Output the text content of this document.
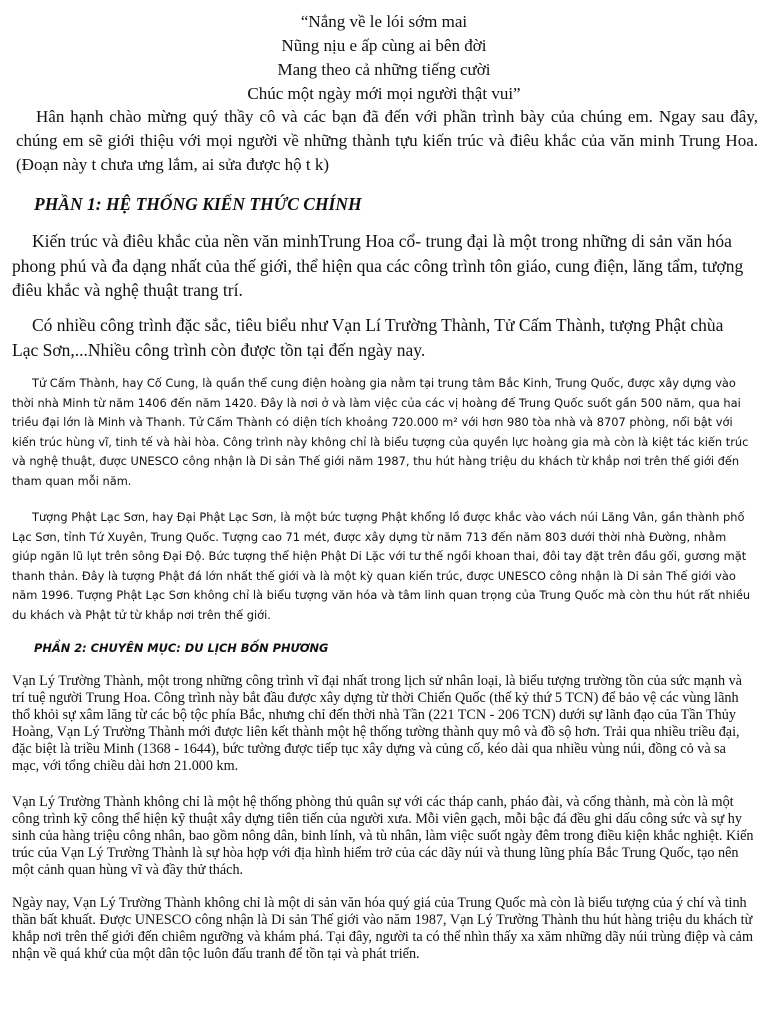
“Nắng về le lói sớm mai
Nũng nịu e ấp cùng ai bên đời
Mang theo cả những tiếng cười
Chúc một ngày mới mọi người thật vui”

Hân hạnh chào mừng quý thầy cô và các bạn đã đến với phần trình bày của chúng em. Ngay sau đây, chúng em sẽ giới thiệu với mọi người về những thành tựu kiến trúc và điêu khắc của văn minh Trung Hoa. (Đoạn này t chưa ưng lắm, ai sửa được hộ t k)

PHẦN 1: HỆ THỐNG KIẾN THỨC CHÍNH

Kiến trúc và điêu khắc của nền văn minhTrung Hoa cổ- trung đại là một trong những di sản văn hóa phong phú và đa dạng nhất của thế giới, thể hiện qua các công trình tôn giáo, cung điện, lăng tẩm, tượng điêu khắc và nghệ thuật trang trí.

Có nhiều công trình đặc sắc, tiêu biểu như Vạn Lí Trường Thành, Tử Cấm Thành, tượng Phật chùa Lạc Sơn,...Nhiều công trình còn được tồn tại đến ngày nay.

Tử Cấm Thành, hay Cố Cung, là quần thể cung điện hoàng gia nằm tại trung tâm Bắc Kinh, Trung Quốc, được xây dựng vào thời nhà Minh từ năm 1406 đến năm 1420. Đây là nơi ở và làm việc của các vị hoàng đế Trung Quốc suốt gần 500 năm, qua hai triều đại lớn là Minh và Thanh. Tử Cấm Thành có diện tích khoảng 720.000 m² với hơn 980 tòa nhà và 8707 phòng, nổi bật với kiến trúc hùng vĩ, tinh tế và hài hòa. Công trình này không chỉ là biểu tượng của quyền lực hoàng gia mà còn là kiệt tác kiến trúc và nghệ thuật, được UNESCO công nhận là Di sản Thế giới năm 1987, thu hút hàng triệu du khách từ khắp nơi trên thế giới đến tham quan mỗi năm.

Tượng Phật Lạc Sơn, hay Đại Phật Lạc Sơn, là một bức tượng Phật khổng lồ được khắc vào vách núi Lăng Vân, gần thành phố Lạc Sơn, tỉnh Tứ Xuyên, Trung Quốc. Tượng cao 71 mét, được xây dựng từ năm 713 đến năm 803 dưới thời nhà Đường, nhằm giúp ngăn lũ lụt trên sông Đại Độ. Bức tượng thể hiện Phật Di Lặc với tư thế ngồi khoan thai, đôi tay đặt trên đầu gối, gương mặt thanh thản. Đây là tượng Phật đá lớn nhất thế giới và là một kỳ quan kiến trúc, được UNESCO công nhận là Di sản Thế giới vào năm 1996. Tượng Phật Lạc Sơn không chỉ là biểu tượng văn hóa và tâm linh quan trọng của Trung Quốc mà còn thu hút rất nhiều du khách và Phật tử từ khắp nơi trên thế giới.

PHẦN 2: CHUYÊN MỤC: DU LỊCH BỐN PHƯƠNG

Vạn Lý Trường Thành, một trong những công trình vĩ đại nhất trong lịch sử nhân loại, là biểu tượng trường tồn của sức mạnh và trí tuệ người Trung Hoa. Công trình này bắt đầu được xây dựng từ thời Chiến Quốc (thế kỷ thứ 5 TCN) để bảo vệ các vùng lãnh thổ khỏi sự xâm lăng từ các bộ tộc phía Bắc, nhưng chỉ đến thời nhà Tần (221 TCN - 206 TCN) dưới sự lãnh đạo của Tần Thủy Hoàng, Vạn Lý Trường Thành mới được liên kết thành một hệ thống tường thành quy mô và đồ sộ hơn. Trải qua nhiều triều đại, đặc biệt là triều Minh (1368 - 1644), bức tường được tiếp tục xây dựng và củng cố, kéo dài qua nhiều vùng núi, đồng cỏ và sa mạc, với tổng chiều dài hơn 21.000 km.

Vạn Lý Trường Thành không chỉ là một hệ thống phòng thủ quân sự với các tháp canh, pháo đài, và cổng thành, mà còn là một công trình kỹ công thể hiện kỹ thuật xây dựng tiên tiến của người xưa. Mỗi viên gạch, mỗi bậc đá đều ghi dấu công sức và sự hy sinh của hàng triệu công nhân, bao gồm nông dân, binh lính, và tù nhân, làm việc suốt ngày đêm trong điều kiện khắc nghiệt. Kiến trúc của Vạn Lý Trường Thành là sự hòa hợp với địa hình hiểm trở của các dãy núi và thung lũng phía Bắc Trung Quốc, tạo nên một cảnh quan hùng vĩ và đầy thử thách.

Ngày nay, Vạn Lý Trường Thành không chỉ là một di sản văn hóa quý giá của Trung Quốc mà còn là biểu tượng của ý chí và tinh thần bất khuất. Được UNESCO công nhận là Di sản Thế giới vào năm 1987, Vạn Lý Trường Thành thu hút hàng triệu du khách từ khắp nơi trên thế giới đến chiêm ngưỡng và khám phá. Tại đây, người ta có thể nhìn thấy xa xăm những dãy núi trùng điệp và cảm nhận về quá khứ của một dân tộc luôn đấu tranh để tồn tại và phát triển.
